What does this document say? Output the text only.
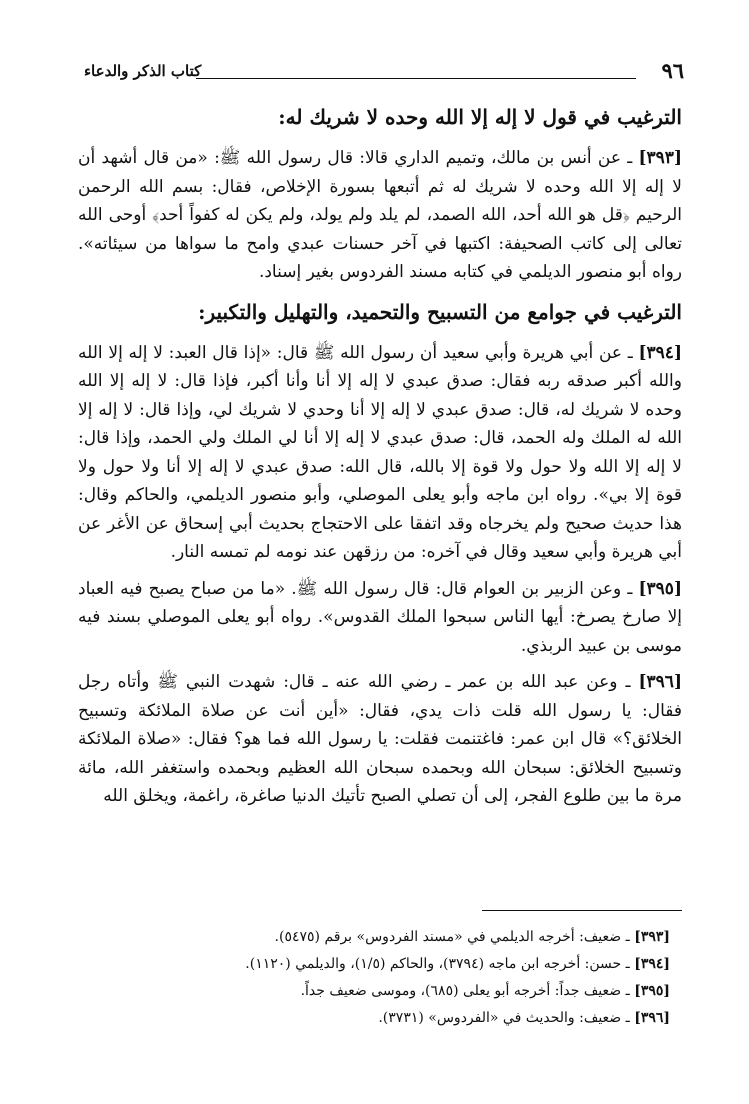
٩٦
كتاب الذكر والدعاء
الترغيب في قول لا إله إلا الله وحده لا شريك له:

[٣٩٣] ـ عن أنس بن مالك، وتميم الداري قالا: قال رسول الله ﷺ: «من قال أشهد أن لا إله إلا الله وحده لا شريك له ثم أتبعها بسورة الإخلاص، فقال: بسم الله الرحمن الرحيم ﴿قل هو الله أحد، الله الصمد، لم يلد ولم يولد، ولم يكن له كفواً أحد﴾ أوحى الله تعالى إلى كاتب الصحيفة: اكتبها في آخر حسنات عبدي وامح ما سواها من سيئاته». رواه أبو منصور الديلمي في كتابه مسند الفردوس بغير إسناد.

الترغيب في جوامع من التسبيح والتحميد، والتهليل والتكبير:

[٣٩٤] ـ عن أبي هريرة وأبي سعيد أن رسول الله ﷺ قال: «إذا قال العبد: لا إله إلا الله والله أكبر صدقه ربه فقال: صدق عبدي لا إله إلا أنا وأنا أكبر، فإذا قال: لا إله إلا الله وحده لا شريك له، قال: صدق عبدي لا إله إلا أنا وحدي لا شريك لي، وإذا قال: لا إله إلا الله له الملك وله الحمد، قال: صدق عبدي لا إله إلا أنا لي الملك ولي الحمد، وإذا قال: لا إله إلا الله ولا حول ولا قوة إلا بالله، قال الله: صدق عبدي لا إله إلا أنا ولا حول ولا قوة إلا بي». رواه ابن ماجه وأبو يعلى الموصلي، وأبو منصور الديلمي، والحاكم وقال: هذا حديث صحيح ولم يخرجاه وقد اتفقا على الاحتجاج بحديث أبي إسحاق عن الأغر عن أبي هريرة وأبي سعيد وقال في آخره: من رزقهن عند نومه لم تمسه النار.

[٣٩٥] ـ وعن الزبير بن العوام قال: قال رسول الله ﷺ. «ما من صباح يصبح فيه العباد إلا صارخ يصرخ: أيها الناس سبحوا الملك القدوس». رواه أبو يعلى الموصلي بسند فيه موسى بن عبيد الربذي.

[٣٩٦] ـ وعن عبد الله بن عمر ـ رضي الله عنه ـ قال: شهدت النبي ﷺ وأتاه رجل فقال: يا رسول الله قلت ذات يدي، فقال: «أين أنت عن صلاة الملائكة وتسبيح الخلائق؟» قال ابن عمر: فاغتنمت فقلت: يا رسول الله فما هو؟ فقال: «صلاة الملائكة وتسبيح الخلائق: سبحان الله وبحمده سبحان الله العظيم وبحمده واستغفر الله، مائة مرة ما بين طلوع الفجر، إلى أن تصلي الصبح تأتيك الدنيا صاغرة، راغمة، ويخلق الله

[٣٩٣] ـ ضعيف: أخرجه الديلمي في «مسند الفردوس» برقم (٥٤٧٥).
[٣٩٤] ـ حسن: أخرجه ابن ماجه (٣٧٩٤)، والحاكم (١/٥)، والديلمي (١١٢٠).
[٣٩٥] ـ ضعيف جداً: أخرجه أبو يعلى (٦٨٥)، وموسى ضعيف جداً.
[٣٩٦] ـ ضعيف: والحديث في «الفردوس» (٣٧٣١).
